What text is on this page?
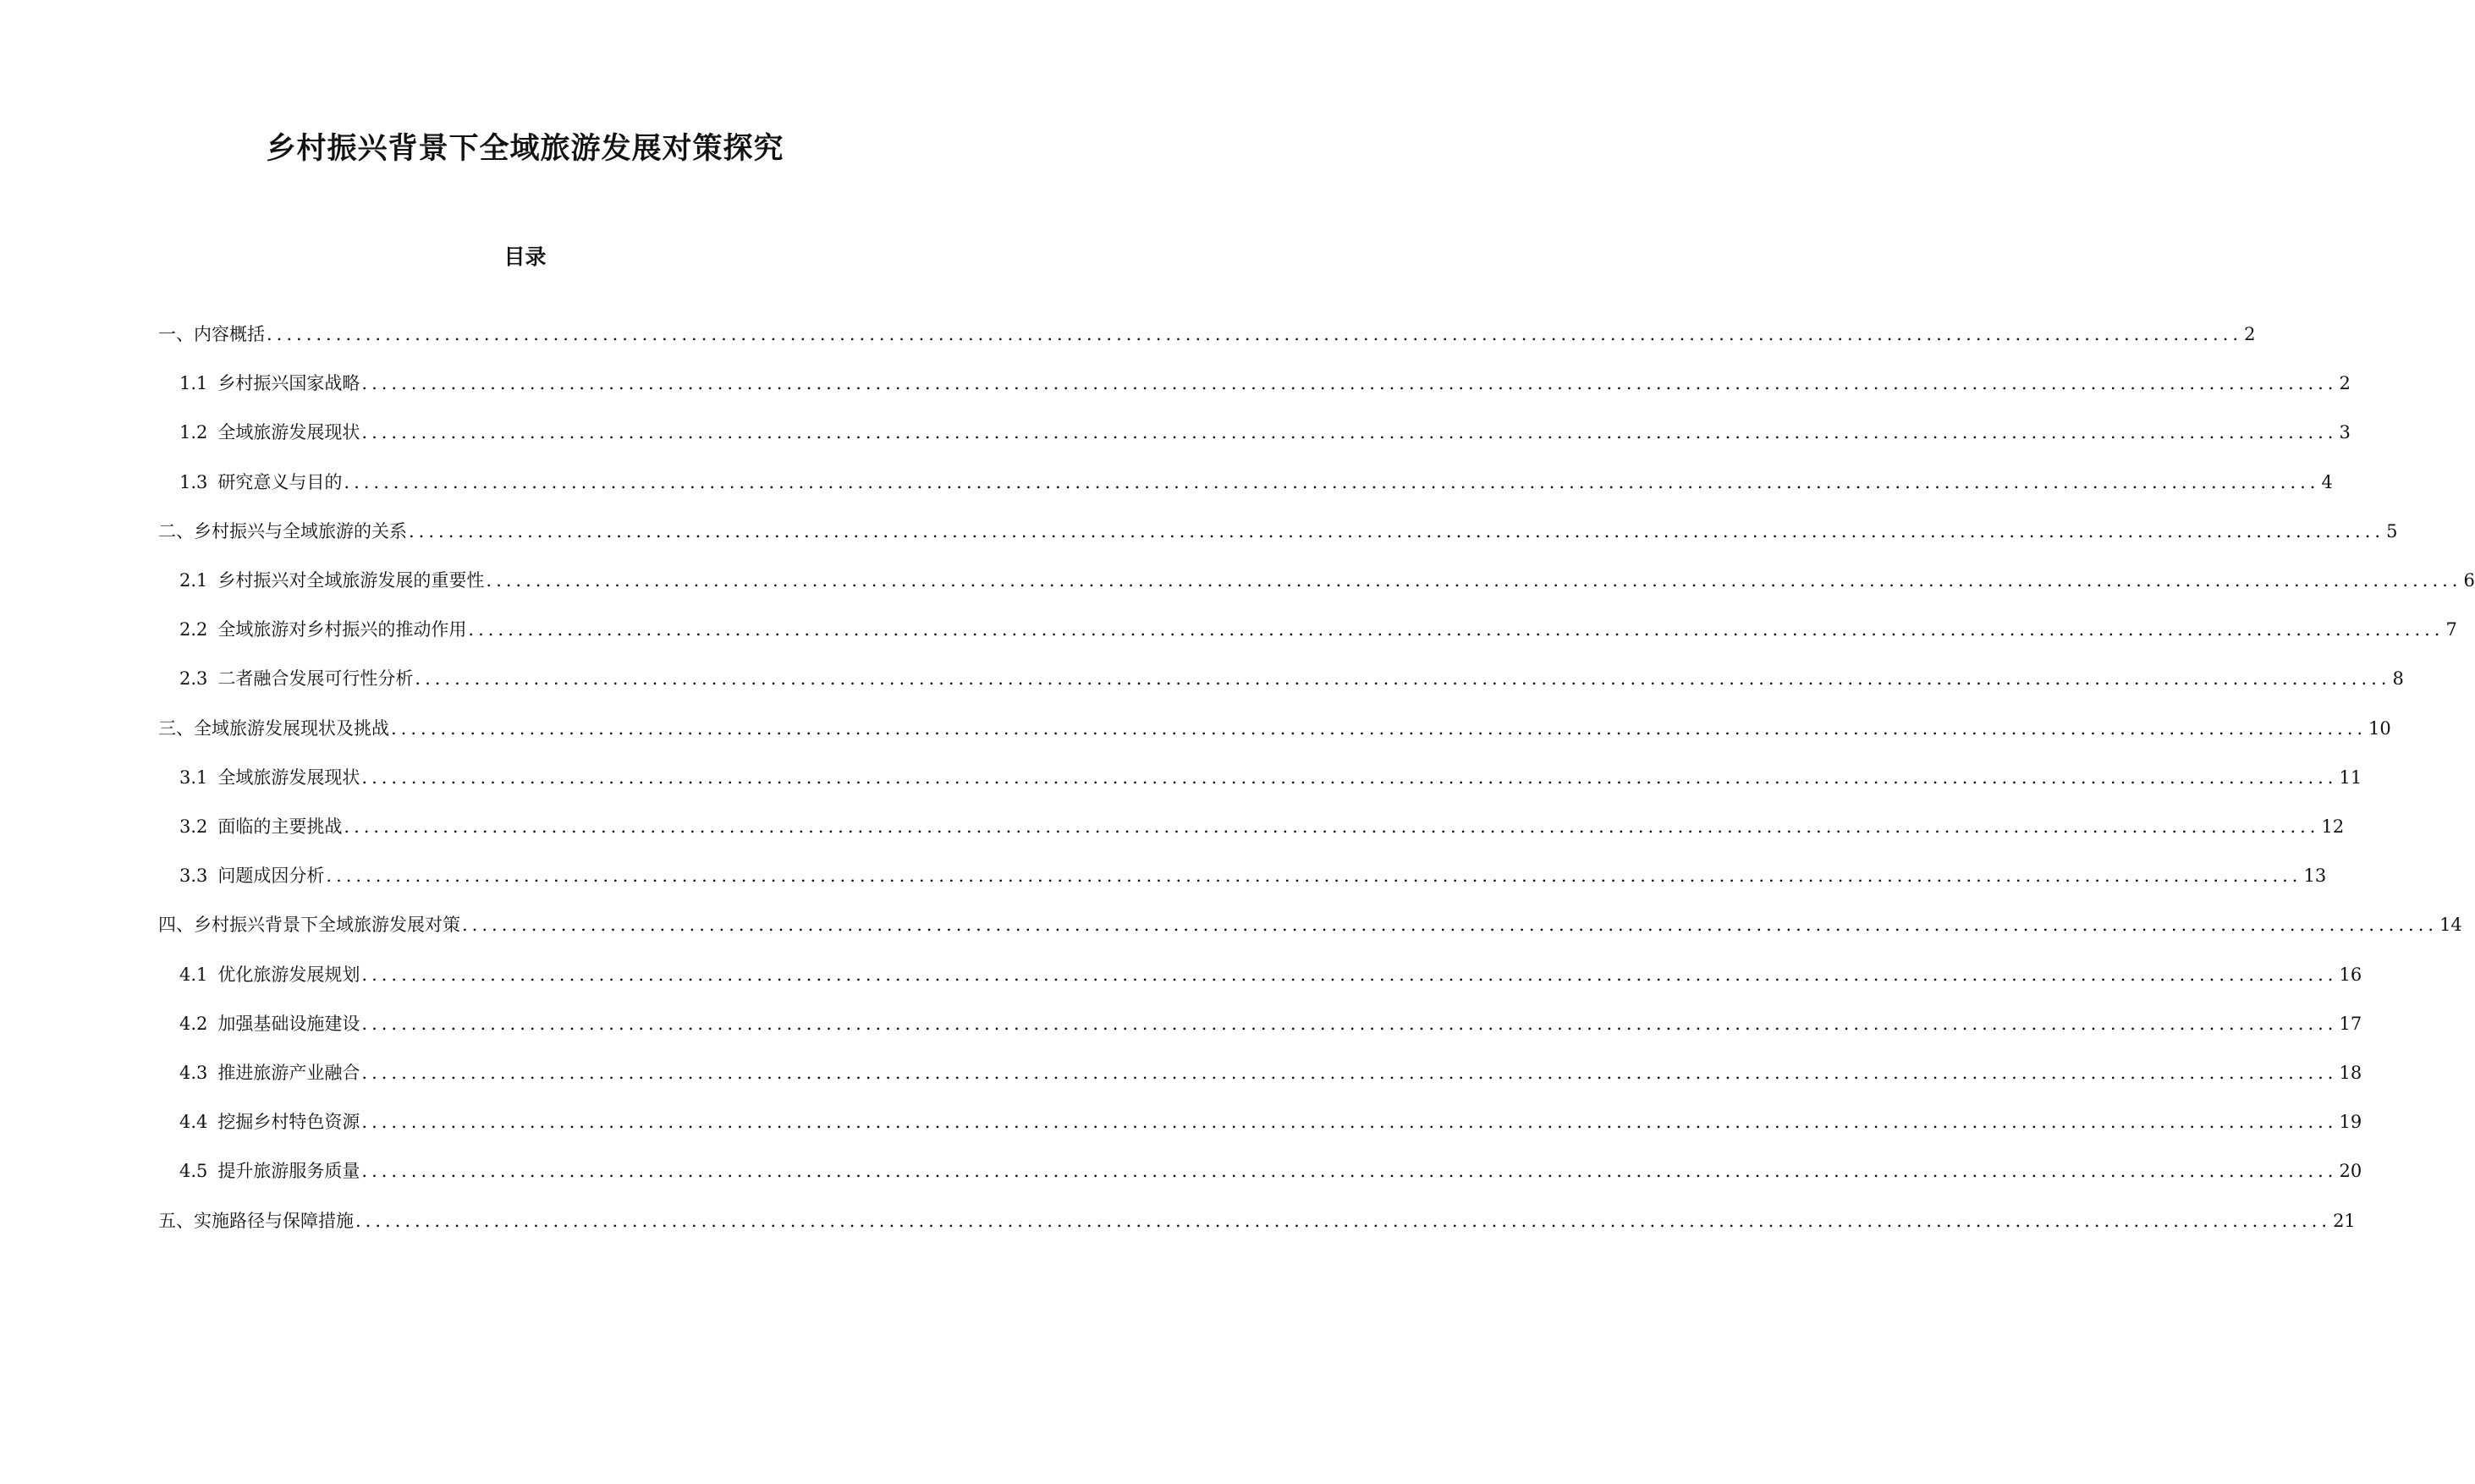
乡村振兴背景下全域旅游发展对策探究
目录
一、内容概括 ........................................................................................................................................................................................................ 2
1.1 乡村振兴国家战略 ........................................................................................................................................................................................................ 2
1.2 全域旅游发展现状 ........................................................................................................................................................................................................ 3
1.3 研究意义与目的 ........................................................................................................................................................................................................ 4
二、乡村振兴与全域旅游的关系 ........................................................................................................................................................................................................ 5
2.1 乡村振兴对全域旅游发展的重要性 ........................................................................................................................................................................................................ 6
2.2 全域旅游对乡村振兴的推动作用 ........................................................................................................................................................................................................ 7
2.3 二者融合发展可行性分析 ........................................................................................................................................................................................................ 8
三、全域旅游发展现状及挑战 ........................................................................................................................................................................................................ 10
3.1 全域旅游发展现状 ........................................................................................................................................................................................................ 11
3.2 面临的主要挑战 ........................................................................................................................................................................................................ 12
3.3 问题成因分析 ........................................................................................................................................................................................................ 13
四、乡村振兴背景下全域旅游发展对策 ........................................................................................................................................................................................................ 14
4.1 优化旅游发展规划 ........................................................................................................................................................................................................ 16
4.2 加强基础设施建设 ........................................................................................................................................................................................................ 17
4.3 推进旅游产业融合 ........................................................................................................................................................................................................ 18
4.4 挖掘乡村特色资源 ........................................................................................................................................................................................................ 19
4.5 提升旅游服务质量 ........................................................................................................................................................................................................ 20
五、实施路径与保障措施 ........................................................................................................................................................................................................ 21
